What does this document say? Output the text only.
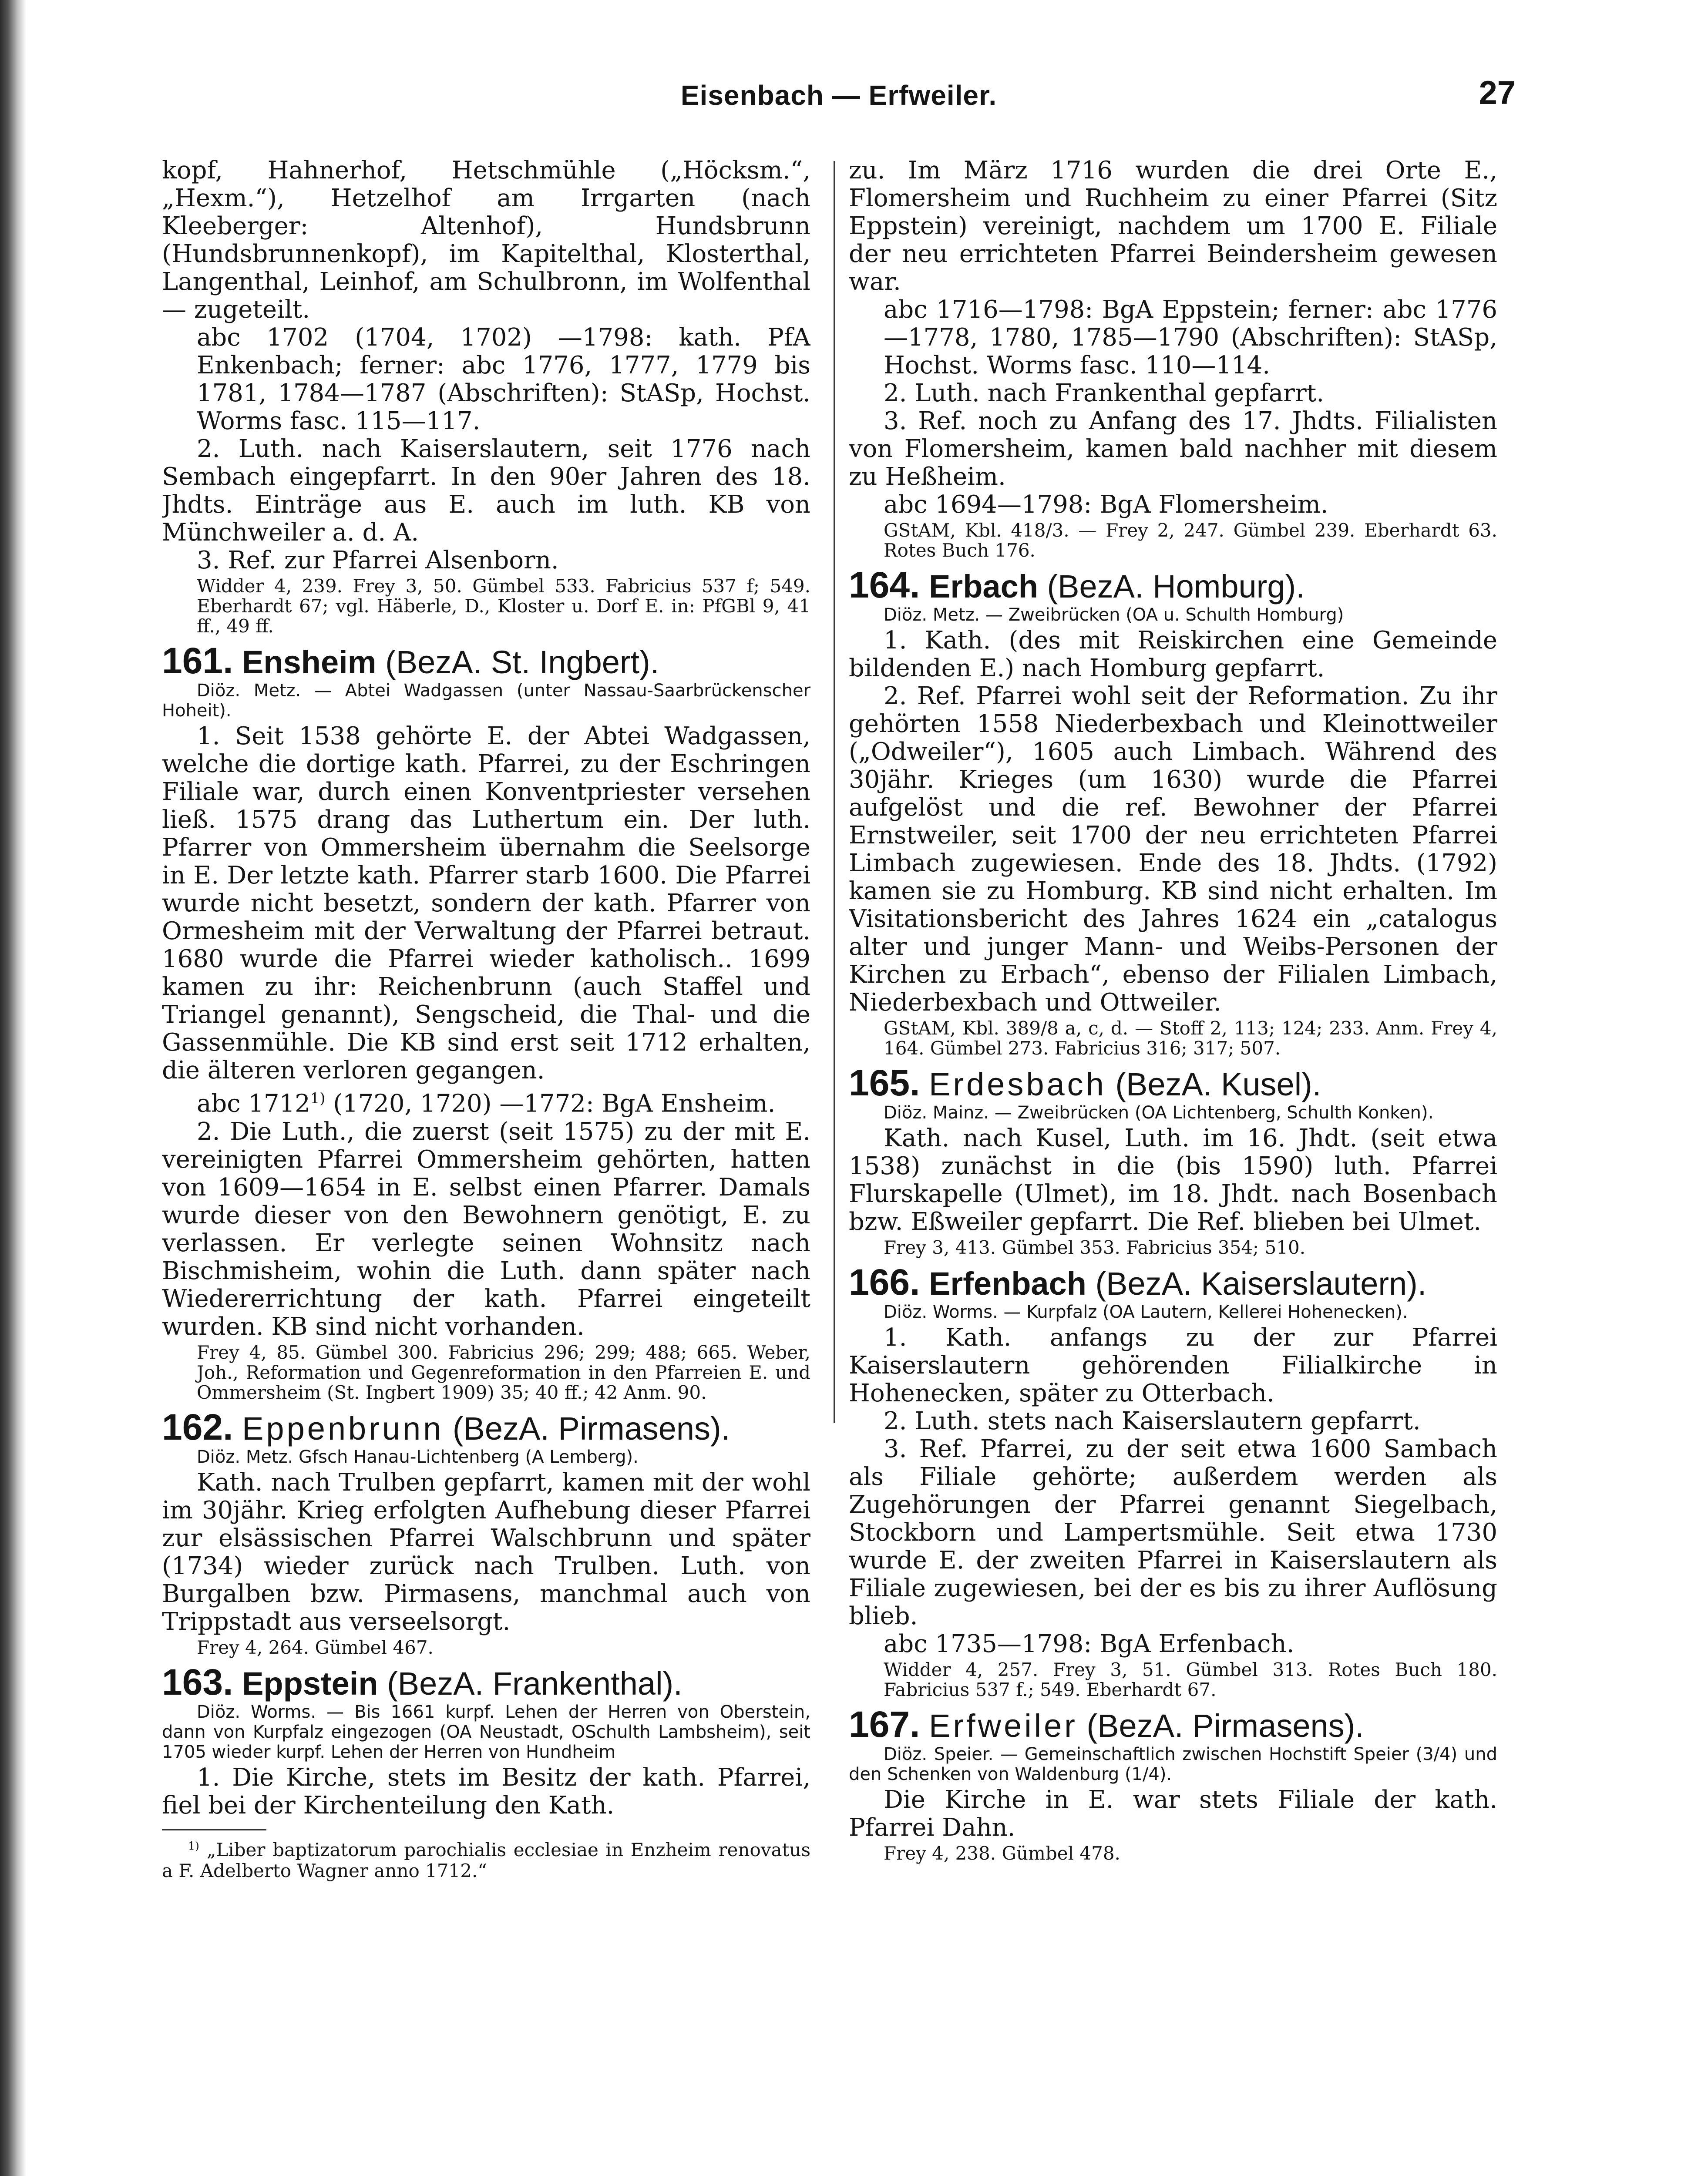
Eisenbach — Erfweiler.	27

kopf, Hahnerhof, Hetschmühle („Höcksm.“, „Hexm.“), Hetzelhof am Irrgarten (nach Kleeberger: Altenhof), Hundsbrunn (Hundsbrunnenkopf), im Kapitelthal, Klosterthal, Langenthal, Leinhof, am Schulbronn, im Wolfenthal — zugeteilt.

abc 1702 (1704, 1702) —1798: kath. PfA Enkenbach; ferner: abc 1776, 1777, 1779 bis 1781, 1784—1787 (Abschriften): StASp, Hochst. Worms fasc. 115—117.

2. Luth. nach Kaiserslautern, seit 1776 nach Sembach eingepfarrt. In den 90er Jahren des 18. Jhdts. Einträge aus E. auch im luth. KB von Münchweiler a. d. A.

3. Ref. zur Pfarrei Alsenborn.

Widder 4, 239. Frey 3, 50. Gümbel 533. Fabricius 537 f; 549. Eberhardt 67; vgl. Häberle, D., Kloster u. Dorf E. in: PfGBl 9, 41 ff., 49 ff.

161. Ensheim (BezA. St. Ingbert).

Diöz. Metz. — Abtei Wadgassen (unter Nassau-Saarbrückenscher Hoheit).

1. Seit 1538 gehörte E. der Abtei Wadgassen, welche die dortige kath. Pfarrei, zu der Eschringen Filiale war, durch einen Konventpriester versehen ließ. 1575 drang das Luthertum ein. Der luth. Pfarrer von Ommersheim übernahm die Seelsorge in E. Der letzte kath. Pfarrer starb 1600. Die Pfarrei wurde nicht besetzt, sondern der kath. Pfarrer von Ormesheim mit der Verwaltung der Pfarrei betraut. 1680 wurde die Pfarrei wieder katholisch.. 1699 kamen zu ihr: Reichenbrunn (auch Staffel und Triangel genannt), Sengscheid, die Thal- und die Gassenmühle. Die KB sind erst seit 1712 erhalten, die älteren verloren gegangen.

abc 1712$^{1)}$ (1720, 1720) —1772: BgA Ensheim.

2. Die Luth., die zuerst (seit 1575) zu der mit E. vereinigten Pfarrei Ommersheim gehörten, hatten von 1609—1654 in E. selbst einen Pfarrer. Damals wurde dieser von den Bewohnern genötigt, E. zu verlassen. Er verlegte seinen Wohnsitz nach Bischmisheim, wohin die Luth. dann später nach Wiedererrichtung der kath. Pfarrei eingeteilt wurden. KB sind nicht vorhanden.

Frey 4, 85. Gümbel 300. Fabricius 296; 299; 488; 665. Weber, Joh., Reformation und Gegenreformation in den Pfarreien E. und Ommersheim (St. Ingbert 1909) 35; 40 ff.; 42 Anm. 90.

162. Eppenbrunn (BezA. Pirmasens).

Diöz. Metz. Gfsch Hanau-Lichtenberg (A Lemberg).

Kath. nach Trulben gepfarrt, kamen mit der wohl im 30jähr. Krieg erfolgten Aufhebung dieser Pfarrei zur elsässischen Pfarrei Walschbrunn und später (1734) wieder zurück nach Trulben. Luth. von Burgalben bzw. Pirmasens, manchmal auch von Trippstadt aus verseelsorgt.

Frey 4, 264. Gümbel 467.

163. Eppstein (BezA. Frankenthal).

Diöz. Worms. — Bis 1661 kurpf. Lehen der Herren von Oberstein, dann von Kurpfalz eingezogen (OA Neustadt, OSchulth Lambsheim), seit 1705 wieder kurpf. Lehen der Herren von Hundheim

1. Die Kirche, stets im Besitz der kath. Pfarrei, fiel bei der Kirchenteilung den Kath.

$^{1)}$ „Liber baptizatorum parochialis ecclesiae in Enzheim renovatus a F. Adelberto Wagner anno 1712.“

zu. Im März 1716 wurden die drei Orte E., Flomersheim und Ruchheim zu einer Pfarrei (Sitz Eppstein) vereinigt, nachdem um 1700 E. Filiale der neu errichteten Pfarrei Beindersheim gewesen war.

abc 1716—1798: BgA Eppstein; ferner: abc 1776—1778, 1780, 1785—1790 (Abschriften): StASp, Hochst. Worms fasc. 110—114.

2. Luth. nach Frankenthal gepfarrt.

3. Ref. noch zu Anfang des 17. Jhdts. Filialisten von Flomersheim, kamen bald nachher mit diesem zu Heßheim.

abc 1694—1798: BgA Flomersheim.

GStAM, Kbl. 418/3. — Frey 2, 247. Gümbel 239. Eberhardt 63. Rotes Buch 176.

164. Erbach (BezA. Homburg).

Diöz. Metz. — Zweibrücken (OA u. Schulth Homburg)

1. Kath. (des mit Reiskirchen eine Gemeinde bildenden E.) nach Homburg gepfarrt.

2. Ref. Pfarrei wohl seit der Reformation. Zu ihr gehörten 1558 Niederbexbach und Kleinottweiler („Odweiler“), 1605 auch Limbach. Während des 30jähr. Krieges (um 1630) wurde die Pfarrei aufgelöst und die ref. Bewohner der Pfarrei Ernstweiler, seit 1700 der neu errichteten Pfarrei Limbach zugewiesen. Ende des 18. Jhdts. (1792) kamen sie zu Homburg. KB sind nicht erhalten. Im Visitationsbericht des Jahres 1624 ein „catalogus alter und junger Mann- und Weibs-Personen der Kirchen zu Erbach“, ebenso der Filialen Limbach, Niederbexbach und Ottweiler.

GStAM, Kbl. 389/8 a, c, d. — Stoff 2, 113; 124; 233. Anm. Frey 4, 164. Gümbel 273. Fabricius 316; 317; 507.

165. Erdesbach (BezA. Kusel).

Diöz. Mainz. — Zweibrücken (OA Lichtenberg, Schulth Konken).

Kath. nach Kusel, Luth. im 16. Jhdt. (seit etwa 1538) zunächst in die (bis 1590) luth. Pfarrei Flurskapelle (Ulmet), im 18. Jhdt. nach Bosenbach bzw. Eßweiler gepfarrt. Die Ref. blieben bei Ulmet.

Frey 3, 413. Gümbel 353. Fabricius 354; 510.

166. Erfenbach (BezA. Kaiserslautern).

Diöz. Worms. — Kurpfalz (OA Lautern, Kellerei Hohenecken).

1. Kath. anfangs zu der zur Pfarrei Kaiserslautern gehörenden Filialkirche in Hohenecken, später zu Otterbach.

2. Luth. stets nach Kaiserslautern gepfarrt.

3. Ref. Pfarrei, zu der seit etwa 1600 Sambach als Filiale gehörte; außerdem werden als Zugehörungen der Pfarrei genannt Siegelbach, Stockborn und Lampertsmühle. Seit etwa 1730 wurde E. der zweiten Pfarrei in Kaiserslautern als Filiale zugewiesen, bei der es bis zu ihrer Auflösung blieb.

abc 1735—1798: BgA Erfenbach.

Widder 4, 257. Frey 3, 51. Gümbel 313. Rotes Buch 180. Fabricius 537 f.; 549. Eberhardt 67.

167. Erfweiler (BezA. Pirmasens).

Diöz. Speier. — Gemeinschaftlich zwischen Hochstift Speier (3/4) und den Schenken von Waldenburg (1/4).

Die Kirche in E. war stets Filiale der kath. Pfarrei Dahn.

Frey 4, 238. Gümbel 478.
